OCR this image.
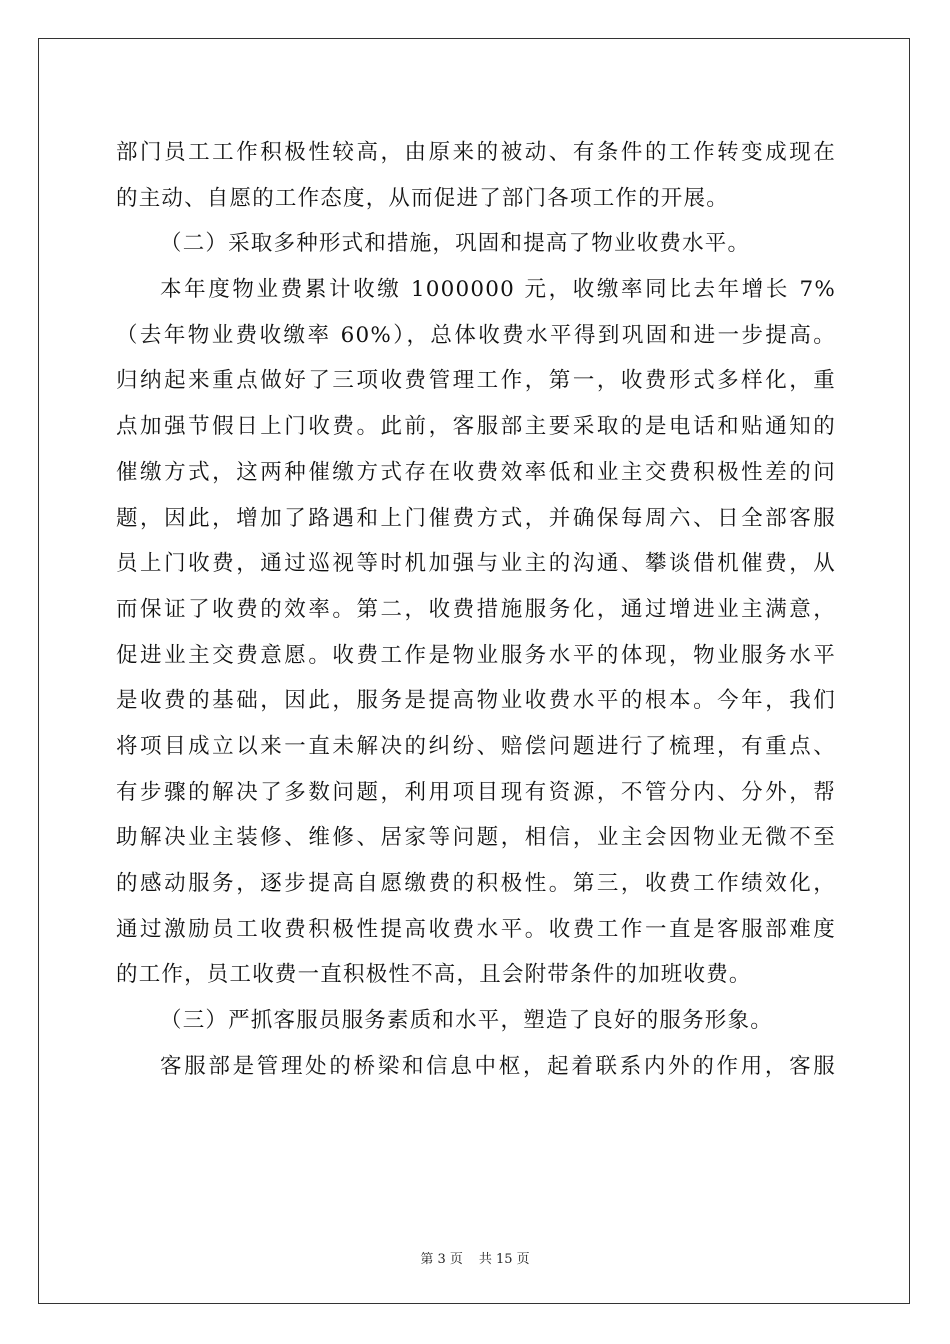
部门员工工作积极性较高，由原来的被动、有条件的工作转变成现在
的主动、自愿的工作态度，从而促进了部门各项工作的开展。
（二）采取多种形式和措施，巩固和提高了物业收费水平。
本年度物业费累计收缴 1000000 元，收缴率同比去年增长 7%
（去年物业费收缴率 60%），总体收费水平得到巩固和进一步提高。
归纳起来重点做好了三项收费管理工作，第一，收费形式多样化，重
点加强节假日上门收费。此前，客服部主要采取的是电话和贴通知的
催缴方式，这两种催缴方式存在收费效率低和业主交费积极性差的问
题，因此，增加了路遇和上门催费方式，并确保每周六、日全部客服
员上门收费，通过巡视等时机加强与业主的沟通、攀谈借机催费，从
而保证了收费的效率。第二，收费措施服务化，通过增进业主满意，
促进业主交费意愿。收费工作是物业服务水平的体现，物业服务水平
是收费的基础，因此，服务是提高物业收费水平的根本。今年，我们
将项目成立以来一直未解决的纠纷、赔偿问题进行了梳理，有重点、
有步骤的解决了多数问题，利用项目现有资源，不管分内、分外，帮
助解决业主装修、维修、居家等问题，相信，业主会因物业无微不至
的感动服务，逐步提高自愿缴费的积极性。第三，收费工作绩效化，
通过激励员工收费积极性提高收费水平。收费工作一直是客服部难度
的工作，员工收费一直积极性不高，且会附带条件的加班收费。
（三）严抓客服员服务素质和水平，塑造了良好的服务形象。
客服部是管理处的桥梁和信息中枢，起着联系内外的作用，客服
第 3 页 共 15 页
